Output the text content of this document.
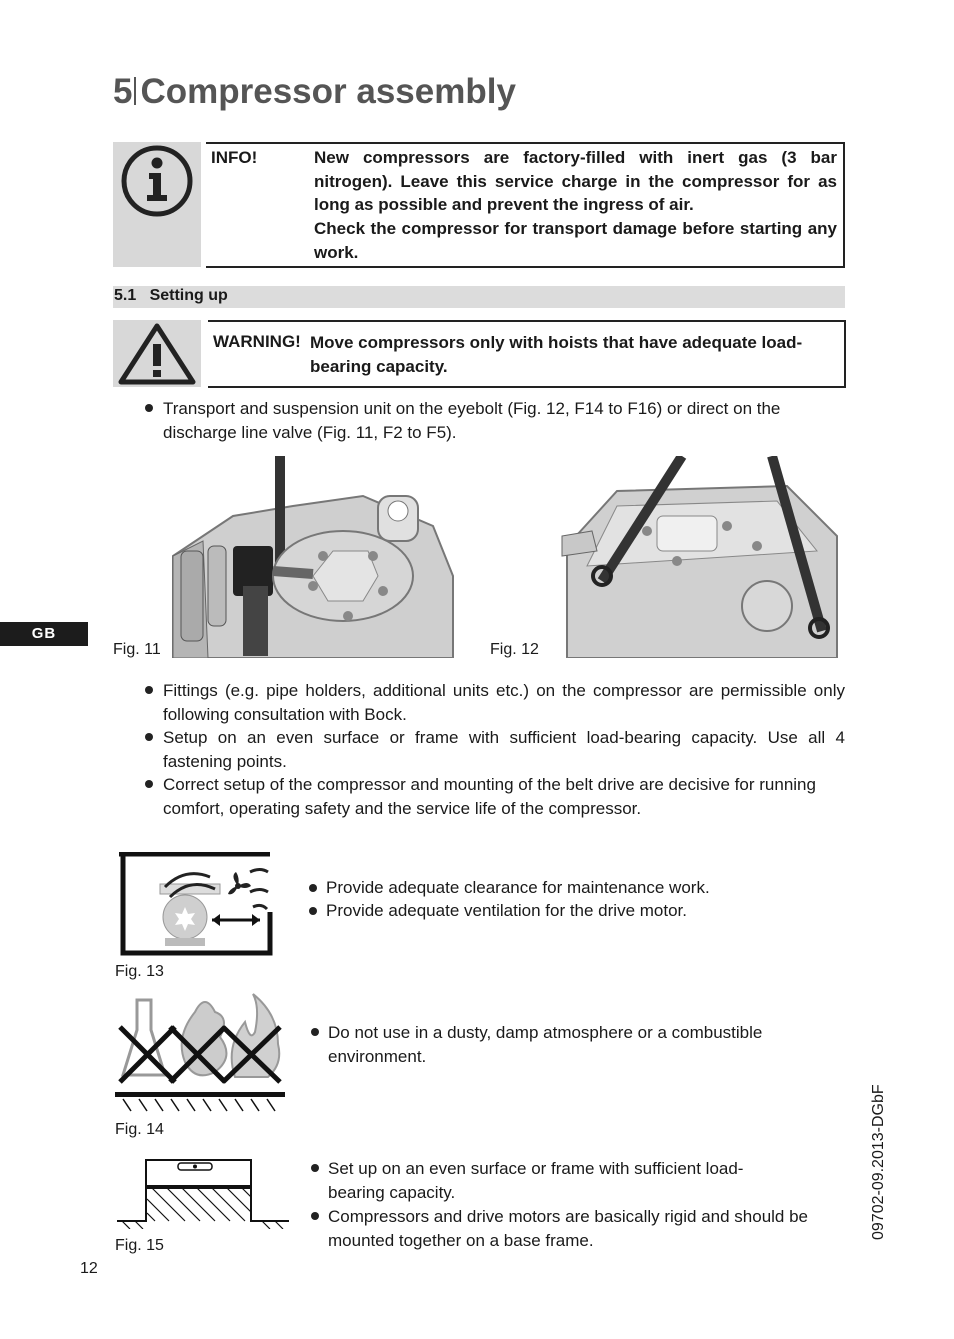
5 Compressor assembly
INFO!	New compressors are factory-filled with inert gas (3 bar nitrogen). Leave this service charge in the compressor for as long as possible and prevent the ingress of air.
Check the compressor for transport damage before starting any work.
5.1   Setting up
WARNING! Move compressors only with hoists that have adequate load-bearing capacity.
Transport and suspension unit on the eyebolt (Fig. 12, F14 to F16) or direct on the discharge line valve (Fig. 11, F2 to F5).
Fig. 11	Fig. 12
GB
Fittings (e.g. pipe holders, additional units etc.) on the compressor are permissible only following consultation with Bock.
Setup on an even surface or frame with sufficient load-bearing capacity. Use all 4 fastening points.
Correct setup of the compressor and mounting of the belt drive are decisive for running comfort, operating safety and the service life of the compressor.
Fig. 13
Provide adequate clearance for maintenance work.
Provide adequate ventilation for the drive motor.
Fig. 14
Do not use in a dusty, damp atmosphere or a combustible environment.
Fig. 15
Set up on an even surface or frame with sufficient load-bearing capacity.
Compressors and drive motors are basically rigid and should be mounted together on a base frame.	09702-09.2013-DGbF
12
